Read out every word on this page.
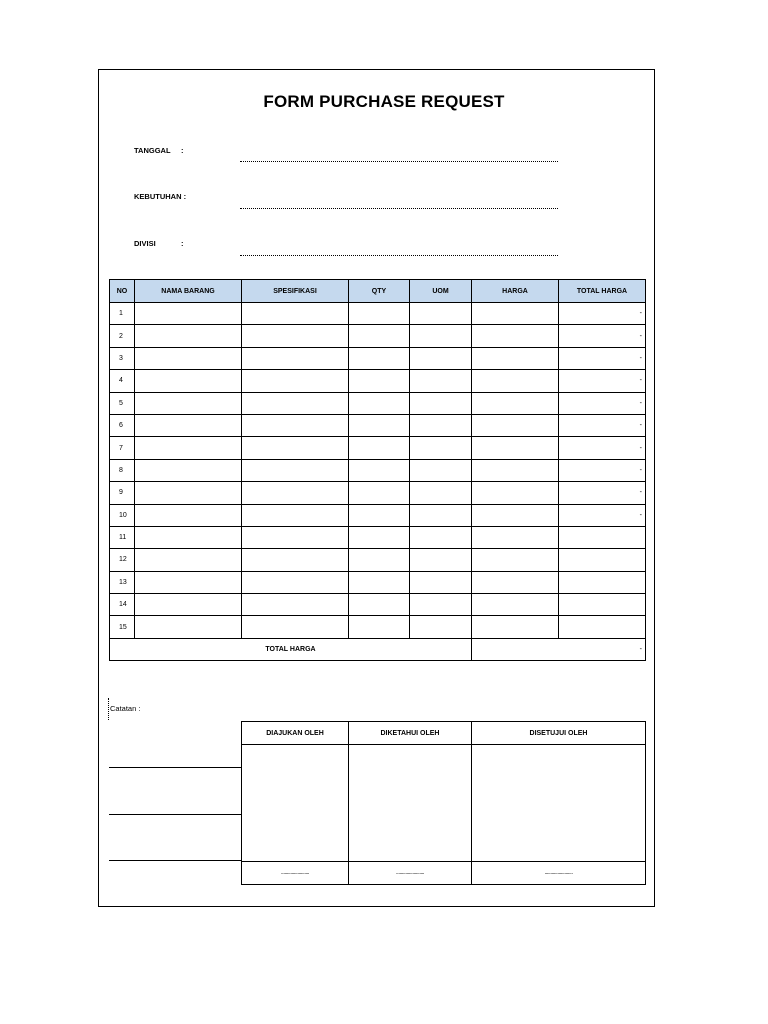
FORM PURCHASE REQUEST
TANGGAL :
KEBUTUHAN :
DIVISI	:
NO	NAMA BARANG	SPESIFIKASI	QTY	UOM	HARGA	TOTAL HARGA
1						-
2						-
3						-
4						-
5						-
6						-
7						-
8						-
9						-
10						-
11						
12						
13						
14						
15						
TOTAL HARGA					-	
Catatan :
DIAJUKAN OLEH	DIKETAHUI OLEH	DISETUJUI OLEH

........................	........................	........................
